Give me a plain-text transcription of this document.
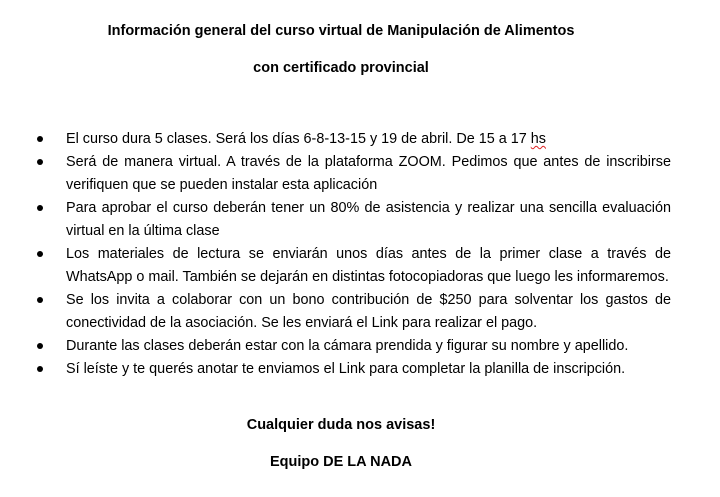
Información general del curso virtual de Manipulación de Alimentos
con certificado provincial
El curso dura 5 clases. Será los días 6-8-13-15 y 19 de abril. De 15 a 17 hs
Será de manera virtual. A través de la plataforma ZOOM. Pedimos que antes de inscribirse verifiquen que se pueden instalar esta aplicación
Para aprobar el curso deberán tener un 80% de asistencia y realizar una sencilla evaluación virtual en la última clase
Los materiales de lectura se enviarán unos días antes de la primer clase a través de WhatsApp o mail. También se dejarán en distintas fotocopiadoras que luego les informaremos.
Se los invita a colaborar con un bono contribución de $250 para solventar los gastos de conectividad de la asociación. Se les enviará el Link para realizar el pago.
Durante las clases deberán estar con la cámara prendida y figurar su nombre y apellido.
Sí leíste y te querés anotar te enviamos el Link para completar la planilla de inscripción.
Cualquier duda nos avisas!
Equipo DE LA NADA
